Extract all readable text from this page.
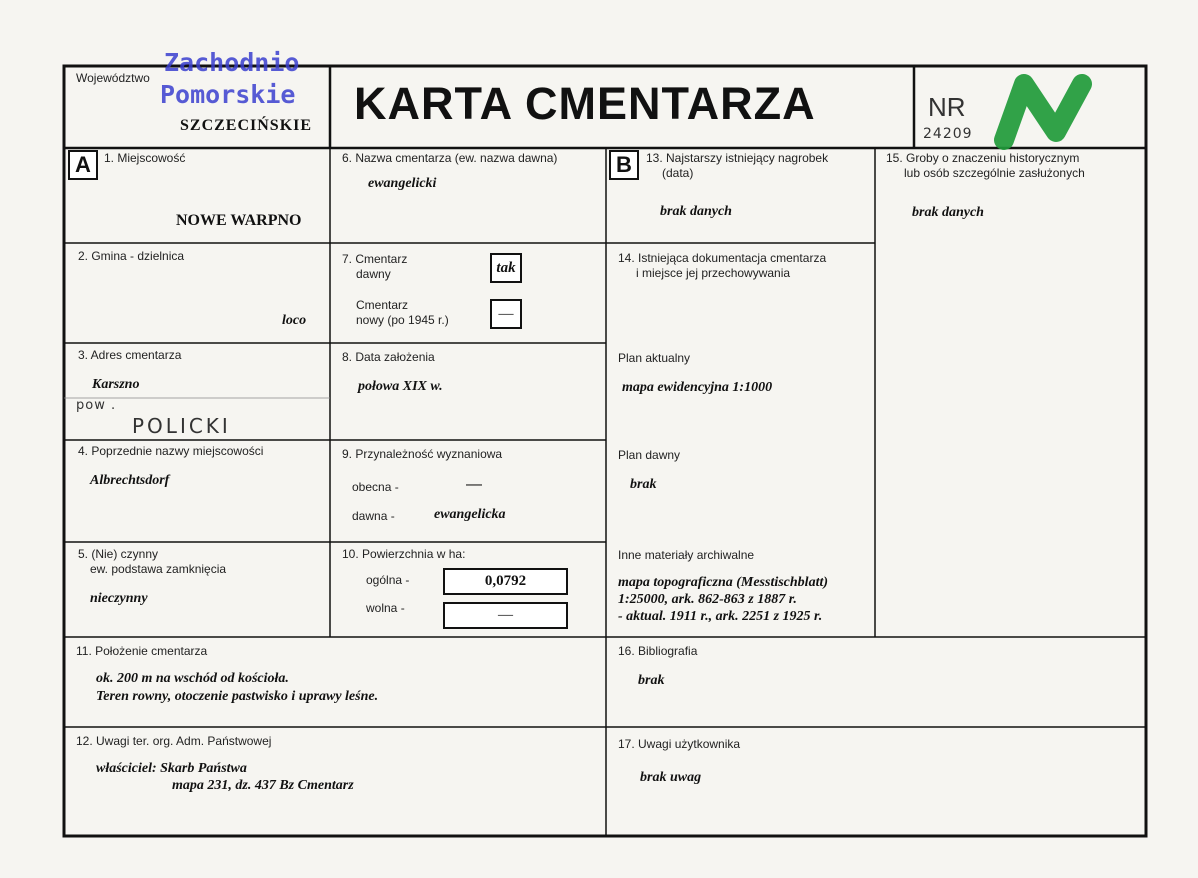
Województwo
Zachodnio
Pomorskie
SZCZECIŃSKIE KARTA CMENTARZA	NR
24209
A	1. Miejscowość
NOWE WARPNO
2. Gmina - dzielnica
loco
3. Adres cmentarza
Karszno
pow .
POLICKI
4. Poprzednie nazwy miejscowości
Albrechtsdorf
5. (Nie) czynny
ew. podstawa zamknięcia
nieczynny
6. Nazwa cmentarza (ew. nazwa dawna)
ewangelicki
7. Cmentarz
dawny	tak
Cmentarz
nowy (po 1945 r.)	—
8. Data założenia
połowa XIX w.
9. Przynależność wyznaniowa
obecna -	—
dawna -	ewangelicka
10. Powierzchnia w ha:
ogólna -	0,0792
wolna -	—
11. Położenie cmentarza
ok. 200 m na wschód od kościoła.
Teren rowny, otoczenie pastwisko i uprawy leśne.
12. Uwagi ter. org. Adm. Państwowej
właściciel: Skarb Państwa
mapa 231, dz. 437 Bz Cmentarz
B	13. Najstarszy istniejący nagrobek
(data)
brak danych
15. Groby o znaczeniu historycznym
lub osób szczególnie zasłużonych
brak danych
14. Istniejąca dokumentacja cmentarza
i miejsce jej przechowywania
Plan aktualny
mapa ewidencyjna 1:1000
Plan dawny
brak
Inne materiały archiwalne
mapa topograficzna (Messtischblatt)
1:25000, ark. 862-863 z 1887 r.
- aktual. 1911 r., ark. 2251 z 1925 r.
16. Bibliografia
brak
17. Uwagi użytkownika
brak uwag
